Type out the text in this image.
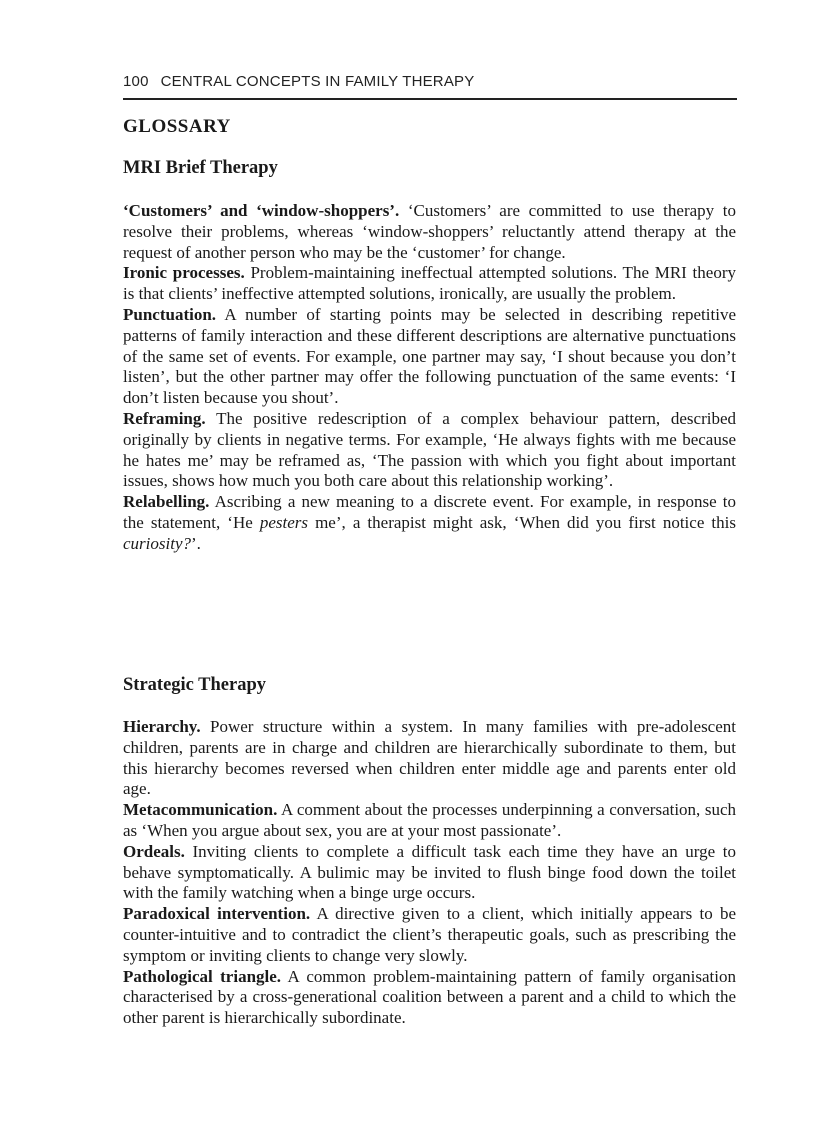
100 CENTRAL CONCEPTS IN FAMILY THERAPY
GLOSSARY
MRI Brief Therapy

‘Customers’ and ‘window-shoppers’. ‘Customers’ are committed to use therapy to resolve their problems, whereas ‘window-shoppers’ reluctantly attend therapy at the request of another person who may be the ‘customer’ for change.

Ironic processes. Problem-maintaining ineffectual attempted solutions. The MRI theory is that clients’ ineffective attempted solutions, ironically, are usually the problem.

Punctuation. A number of starting points may be selected in describing repetitive patterns of family interaction and these different descriptions are alternative punctuations of the same set of events. For example, one partner may say, ‘I shout because you don’t listen’, but the other partner may offer the following punctuation of the same events: ‘I don’t listen because you shout’.

Reframing. The positive redescription of a complex behaviour pattern, described originally by clients in negative terms. For example, ‘He always fights with me because he hates me’ may be reframed as, ‘The passion with which you fight about important issues, shows how much you both care about this relationship working’.

Relabelling. Ascribing a new meaning to a discrete event. For example, in response to the statement, ‘He pesters me’, a therapist might ask, ‘When did you first notice this curiosity?’.

Strategic Therapy

Hierarchy. Power structure within a system. In many families with pre-adolescent children, parents are in charge and children are hierarchically subordinate to them, but this hierarchy becomes reversed when children enter middle age and parents enter old age.

Metacommunication. A comment about the processes underpinning a conversation, such as ‘When you argue about sex, you are at your most passionate’.

Ordeals. Inviting clients to complete a difficult task each time they have an urge to behave symptomatically. A bulimic may be invited to flush binge food down the toilet with the family watching when a binge urge occurs.

Paradoxical intervention. A directive given to a client, which initially appears to be counter-intuitive and to contradict the client’s therapeutic goals, such as prescribing the symptom or inviting clients to change very slowly.

Pathological triangle. A common problem-maintaining pattern of family organisation characterised by a cross-generational coalition between a parent and a child to which the other parent is hierarchically subordinate.
